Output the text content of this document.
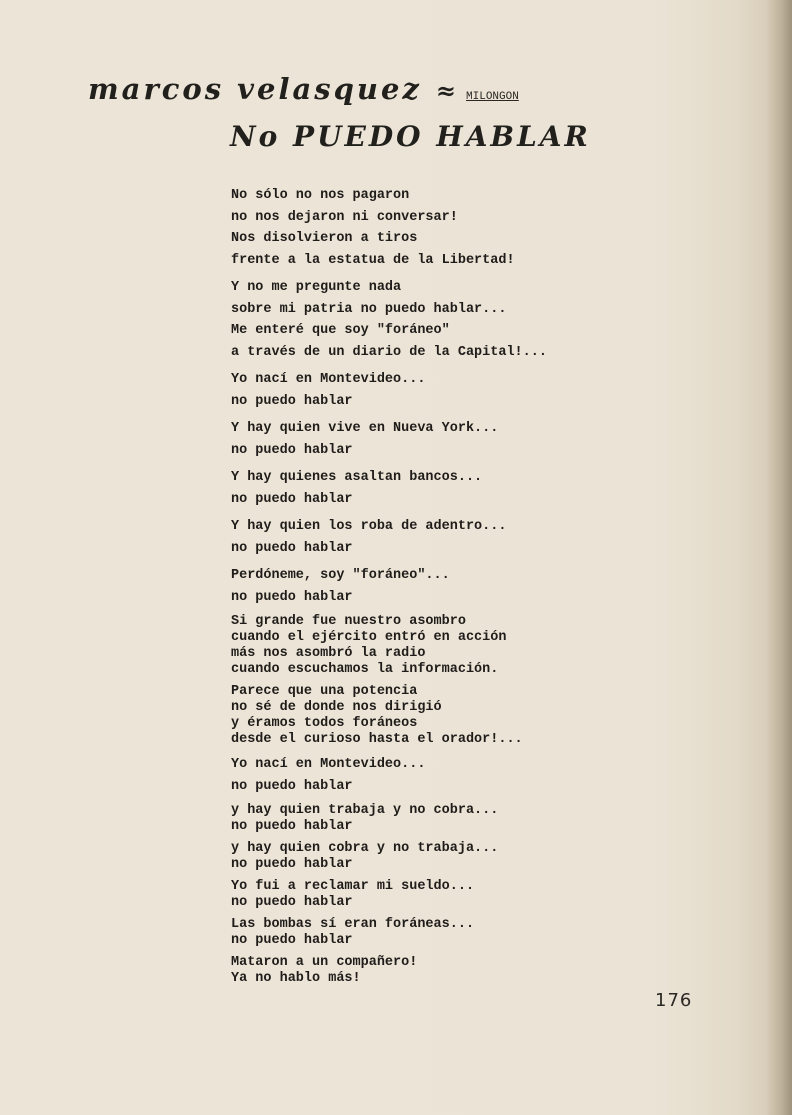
marcos velasquez ≈ MILONGON
No PUEDO HABLAR
No sólo no nos pagaron
no nos dejaron ni conversar!
Nos disolvieron a tiros
frente a la estatua de la Libertad!
Y no me pregunte nada
sobre mi patria no puedo hablar...
Me enteré que soy "foráneo"
a través de un diario de la Capital!...
Yo nací en Montevideo...
no puedo hablar
Y hay quien vive en Nueva York...
no puedo hablar
Y hay quienes asaltan bancos...
no puedo hablar
Y hay quien los roba de adentro...
no puedo hablar
Perdóneme, soy "foráneo"...
no puedo hablar
Si grande fue nuestro asombro
cuando el ejército entró en acción
más nos asombró la radio
cuando escuchamos la información.
Parece que una potencia
no sé de donde nos dirigió
y éramos todos foráneos
desde el curioso hasta el orador!...
Yo nací en Montevideo...
no puedo hablar
y hay quien trabaja y no cobra...
no puedo hablar
y hay quien cobra y no trabaja...
no puedo hablar
Yo fui a reclamar mi sueldo...
no puedo hablar
Las bombas sí eran foráneas...
no puedo hablar
Mataron a un compañero!
Ya no hablo más!
176
